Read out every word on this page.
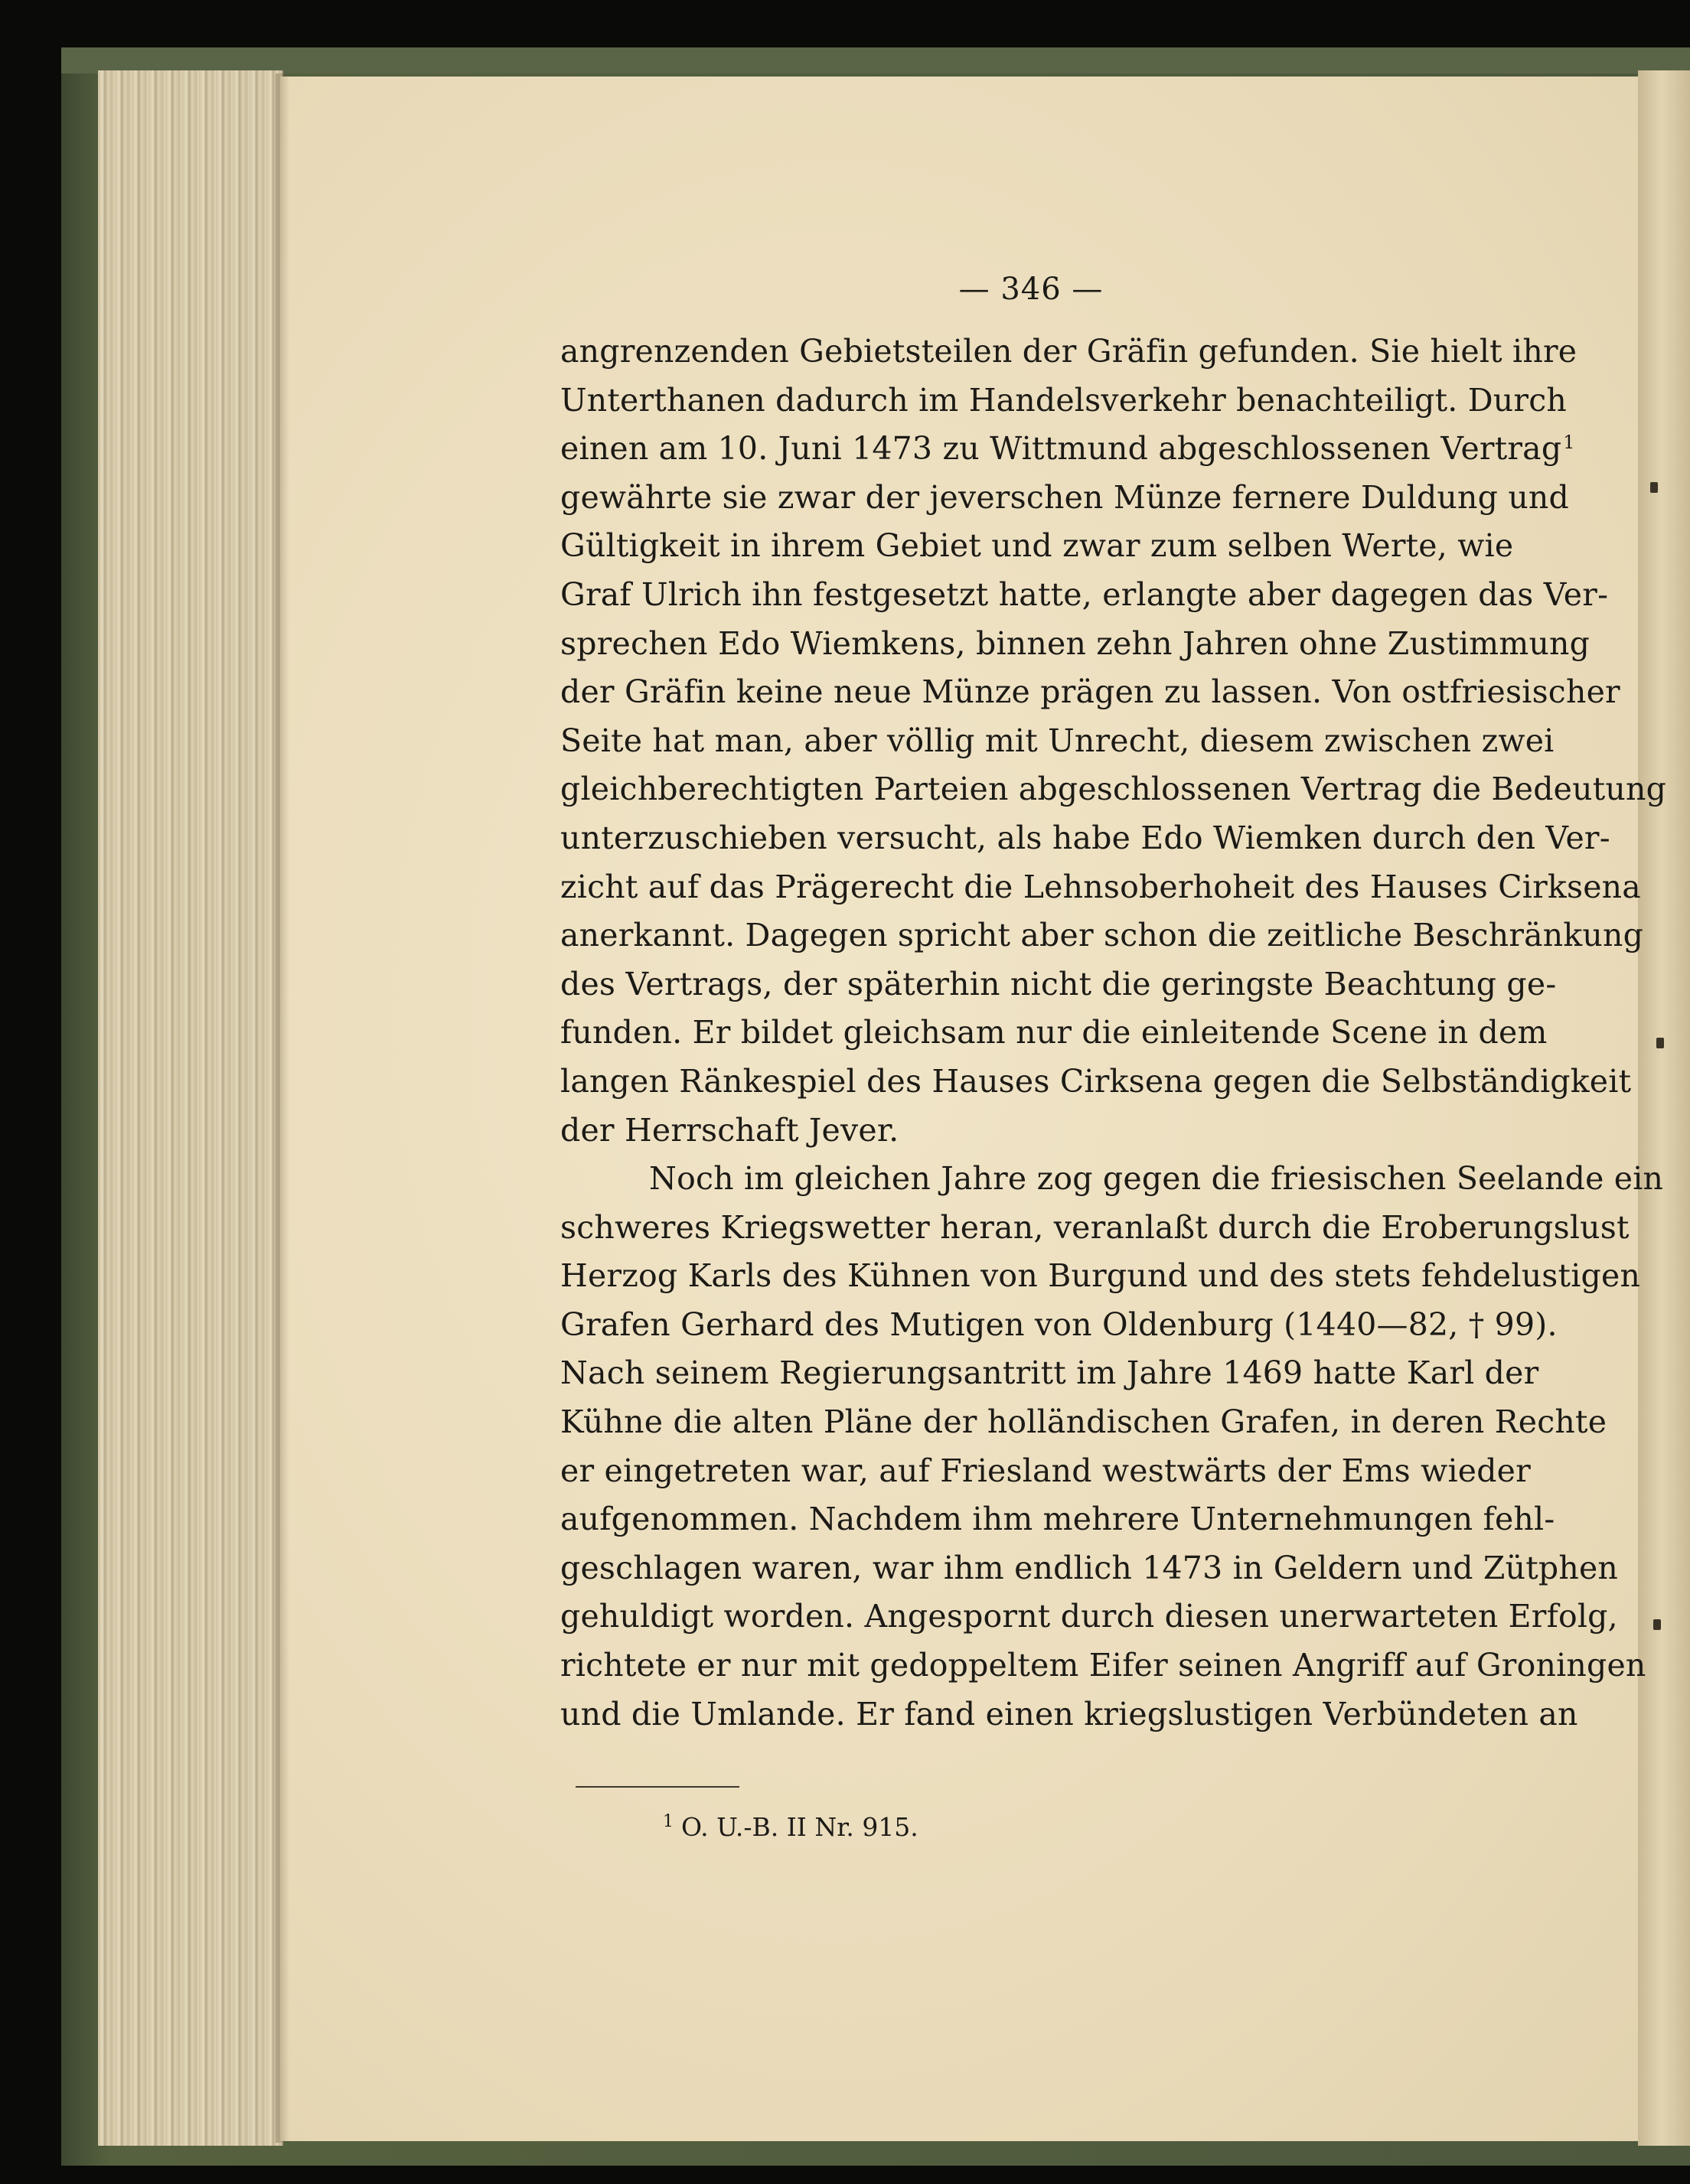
— 346 —
angrenzenden Gebietsteilen der Gräfin gefunden. Sie hielt ihre
Unterthanen dadurch im Handelsverkehr benachteiligt. Durch
einen am 10. Juni 1473 zu Wittmund abgeschlossenen Vertrag$^1$
gewährte sie zwar der jeverschen Münze fernere Duldung und
Gültigkeit in ihrem Gebiet und zwar zum selben Werte, wie
Graf Ulrich ihn festgesetzt hatte, erlangte aber dagegen das Ver-
sprechen Edo Wiemkens, binnen zehn Jahren ohne Zustimmung
der Gräfin keine neue Münze prägen zu lassen. Von ostfriesischer
Seite hat man, aber völlig mit Unrecht, diesem zwischen zwei
gleichberechtigten Parteien abgeschlossenen Vertrag die Bedeutung
unterzuschieben versucht, als habe Edo Wiemken durch den Ver-
zicht auf das Prägerecht die Lehnsoberhoheit des Hauses Cirksena
anerkannt. Dagegen spricht aber schon die zeitliche Beschränkung
des Vertrags, der späterhin nicht die geringste Beachtung ge-
funden. Er bildet gleichsam nur die einleitende Scene in dem
langen Ränkespiel des Hauses Cirksena gegen die Selbständigkeit
der Herrschaft Jever.
Noch im gleichen Jahre zog gegen die friesischen Seelande ein
schweres Kriegswetter heran, veranlaßt durch die Eroberungslust
Herzog Karls des Kühnen von Burgund und des stets fehdelustigen
Grafen Gerhard des Mutigen von Oldenburg (1440—82, † 99).
Nach seinem Regierungsantritt im Jahre 1469 hatte Karl der
Kühne die alten Pläne der holländischen Grafen, in deren Rechte
er eingetreten war, auf Friesland westwärts der Ems wieder
aufgenommen. Nachdem ihm mehrere Unternehmungen fehl-
geschlagen waren, war ihm endlich 1473 in Geldern und Zütphen
gehuldigt worden. Angespornt durch diesen unerwarteten Erfolg,
richtete er nur mit gedoppeltem Eifer seinen Angriff auf Groningen
und die Umlande. Er fand einen kriegslustigen Verbündeten an
$^1$ O. U.-B. II Nr. 915.
